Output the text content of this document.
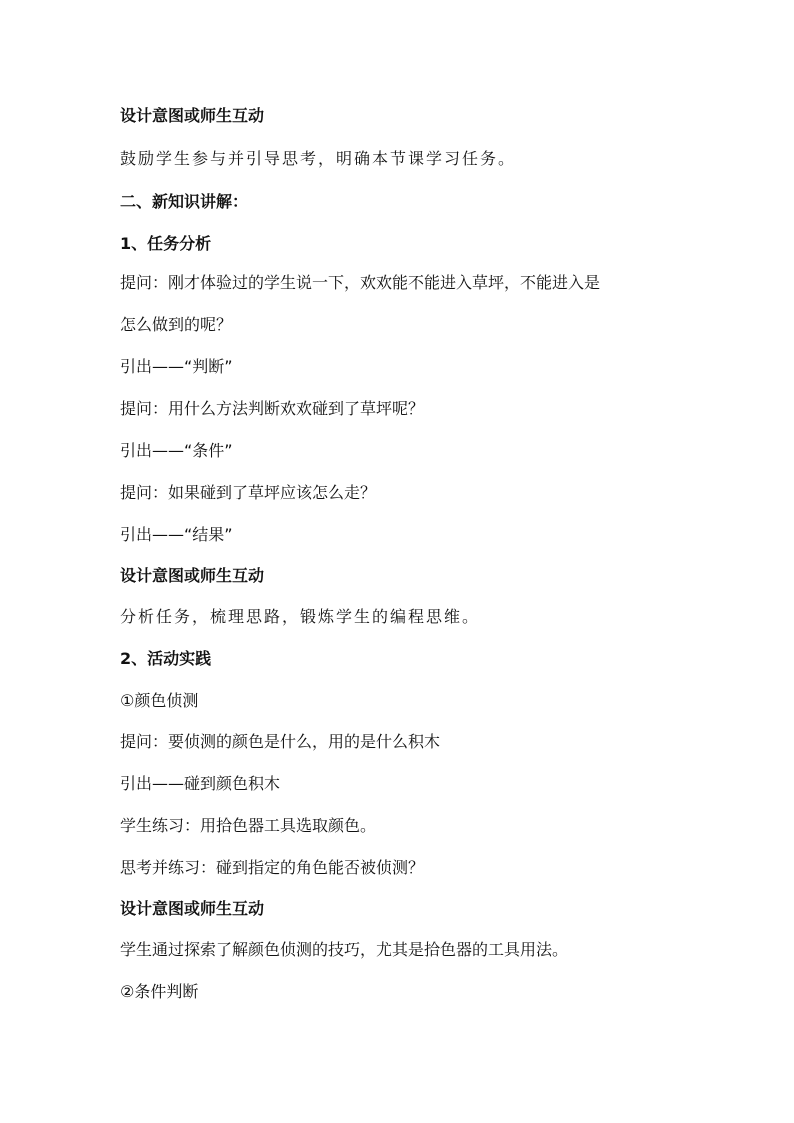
设计意图或师生互动
鼓励学生参与并引导思考，明确本节课学习任务。
二、新知识讲解：
1、任务分析
提问：刚才体验过的学生说一下，欢欢能不能进入草坪，不能进入是
怎么做到的呢？
引出——“判断”
提问：用什么方法判断欢欢碰到了草坪呢？
引出——“条件”
提问：如果碰到了草坪应该怎么走？
引出——“结果”
设计意图或师生互动
分析任务，梳理思路，锻炼学生的编程思维。
2、活动实践
①颜色侦测
提问：要侦测的颜色是什么，用的是什么积木
引出——碰到颜色积木
学生练习：用拾色器工具选取颜色。
思考并练习：碰到指定的角色能否被侦测？
设计意图或师生互动
学生通过探索了解颜色侦测的技巧，尤其是拾色器的工具用法。
②条件判断
